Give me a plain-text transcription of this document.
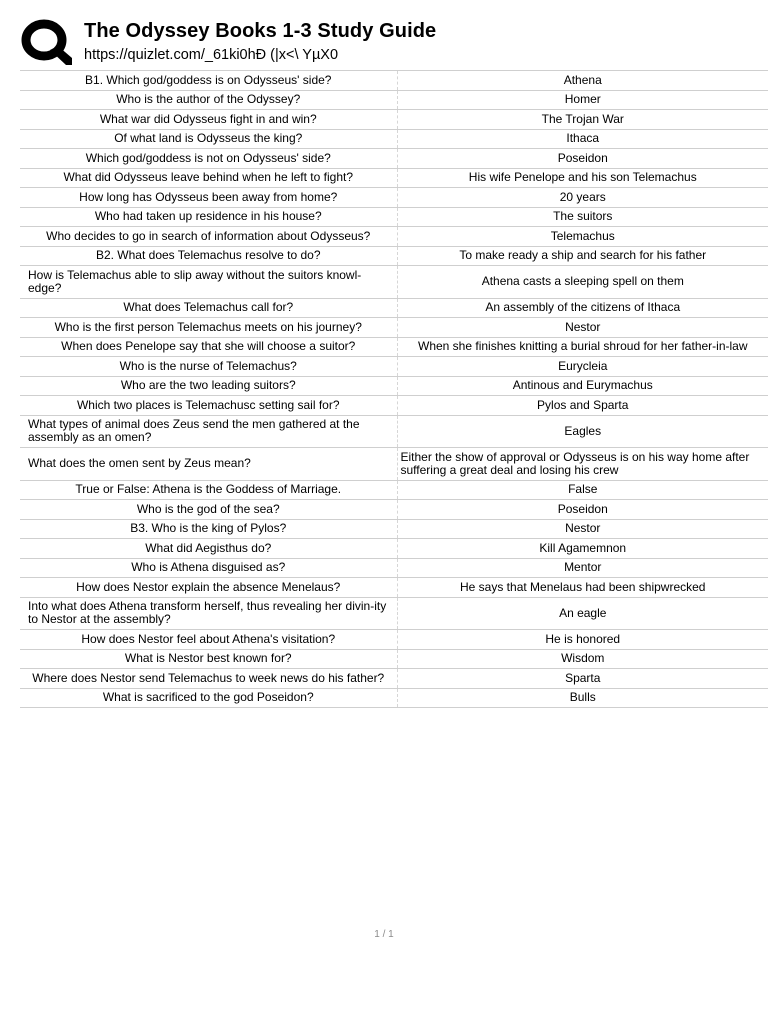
The Odyssey Books 1-3 Study Guide
https://quizlet.com/_61ki0hĐ (|x<\ YµX0
B1. Which god/goddess is on Odysseus' side?	Athena
Who is the author of the Odyssey?	Homer
What war did Odysseus fight in and win?	The Trojan War
Of what land is Odysseus the king?	Ithaca
Which god/goddess is not on Odysseus' side?	Poseidon
What did Odysseus leave behind when he left to fight?	His wife Penelope and his son Telemachus
How long has Odysseus been away from home?	20 years
Who had taken up residence in his house?	The suitors
Who decides to go in search of information about Odysseus?	Telemachus
B2. What does Telemachus resolve to do?	To make ready a ship and search for his father
How is Telemachus able to slip away without the suitors knowl-edge?	Athena casts a sleeping spell on them
What does Telemachus call for?	An assembly of the citizens of Ithaca
Who is the first person Telemachus meets on his journey?	Nestor
When does Penelope say that she will choose a suitor?	When she finishes knitting a burial shroud for her father-in-law
Who is the nurse of Telemachus?	Eurycleia
Who are the two leading suitors?	Antinous and Eurymachus
Which two places is Telemachusc setting sail for?	Pylos and Sparta
What types of animal does Zeus send the men gathered at the assembly as an omen?	Eagles
What does the omen sent by Zeus mean?	Either the show of approval or Odysseus is on his way home after suffering a great deal and losing his crew
True or False: Athena is the Goddess of Marriage.	False
Who is the god of the sea?	Poseidon
B3. Who is the king of Pylos?	Nestor
What did Aegisthus do?	Kill Agamemnon
Who is Athena disguised as?	Mentor
How does Nestor explain the absence Menelaus?	He says that Menelaus had been shipwrecked
Into what does Athena transform herself, thus revealing her divin-ity to Nestor at the assembly?	An eagle
How does Nestor feel about Athena's visitation?	He is honored
What is Nestor best known for?	Wisdom
Where does Nestor send Telemachus to week news do his father?	Sparta
What is sacrificed to the god Poseidon?	Bulls
1 / 1
